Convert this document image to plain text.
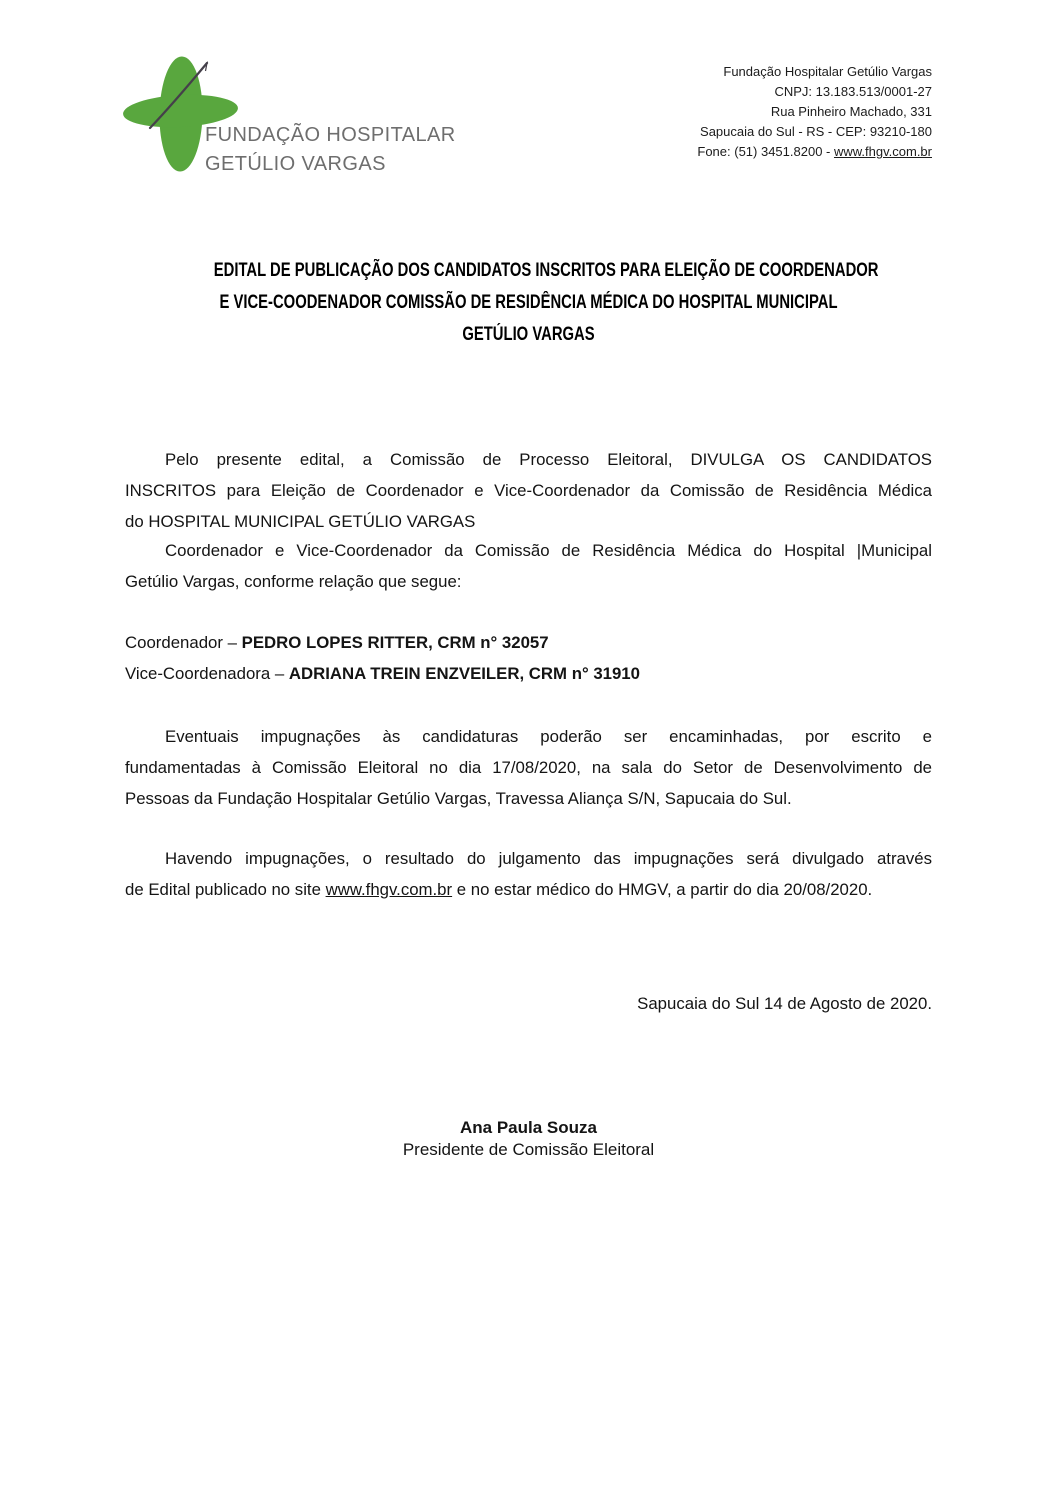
FUNDAÇÃO HOSPITALAR
GETÚLIO VARGAS
Fundação Hospitalar Getúlio Vargas
CNPJ: 13.183.513/0001-27
Rua Pinheiro Machado, 331
Sapucaia do Sul - RS - CEP: 93210-180
Fone: (51) 3451.8200 - www.fhgv.com.br
EDITAL DE PUBLICAÇÃO DOS CANDIDATOS INSCRITOS PARA ELEIÇÃO DE COORDENADOR
E VICE-COODENADOR COMISSÃO DE RESIDÊNCIA MÉDICA DO HOSPITAL MUNICIPAL
GETÚLIO VARGAS
Pelo presente edital, a Comissão de Processo Eleitoral, DIVULGA OS CANDIDATOS
INSCRITOS para Eleição de Coordenador e Vice-Coordenador da Comissão de Residência Médica
do HOSPITAL MUNICIPAL GETÚLIO VARGAS
Coordenador e Vice-Coordenador da Comissão de Residência Médica do Hospital |Municipal
Getúlio Vargas, conforme relação que segue:
Coordenador – PEDRO LOPES RITTER, CRM n° 32057
Vice-Coordenadora – ADRIANA TREIN ENZVEILER, CRM n° 31910
Eventuais impugnações às candidaturas poderão ser encaminhadas, por escrito e
fundamentadas à Comissão Eleitoral no dia 17/08/2020, na sala do Setor de Desenvolvimento de
Pessoas da Fundação Hospitalar Getúlio Vargas, Travessa Aliança S/N, Sapucaia do Sul.
Havendo impugnações, o resultado do julgamento das impugnações será divulgado através
de Edital publicado no site www.fhgv.com.br e no estar médico do HMGV, a partir do dia 20/08/2020.
Sapucaia do Sul 14 de Agosto de 2020.
Ana Paula Souza
Presidente de Comissão Eleitoral
